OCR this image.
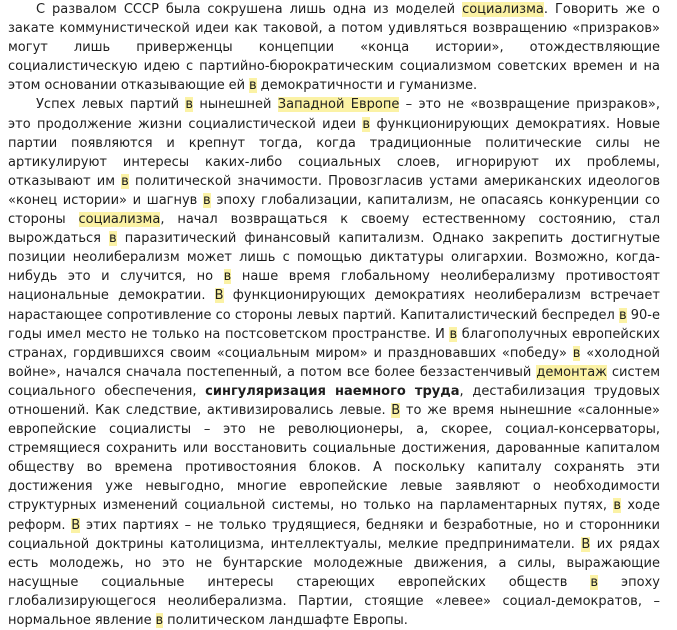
С развалом СССР была сокрушена лишь одна из моделей социализма. Говорить же о закате коммунистической идеи как таковой, а потом удивляться возвращению «призраков» могут лишь приверженцы концепции «конца истории», отождествляющие социалистическую идею с партийно-бюрократическим социализмом советских времен и на этом основании отказывающие ей в демократичности и гуманизме.

Успех левых партий в нынешней Западной Европе – это не «возвращение призраков», это продолжение жизни социалистической идеи в функционирующих демократиях. Новые партии появляются и крепнут тогда, когда традиционные политические силы не артикулируют интересы каких-либо социальных слоев, игнорируют их проблемы, отказывают им в политической значимости. Провозгласив устами американских идеологов «конец истории» и шагнув в эпоху глобализации, капитализм, не опасаясь конкуренции со стороны социализма, начал возвращаться к своему естественному состоянию, стал вырождаться в паразитический финансовый капитализм. Однако закрепить достигнутые позиции неолиберализм может лишь с помощью диктатуры олигархии. Возможно, когда-нибудь это и случится, но в наше время глобальному неолиберализму противостоят национальные демократии. В функционирующих демократиях неолиберализм встречает нарастающее сопротивление со стороны левых партий. Капиталистический беспредел в 90-е годы имел место не только на постсоветском пространстве. И в благополучных европейских странах, гордившихся своим «социальным миром» и праздновавших «победу» в «холодной войне», начался сначала постепенный, а потом все более беззастенчивый демонтаж систем социального обеспечения, сингуляризация наемного труда, дестабилизация трудовых отношений. Как следствие, активизировались левые. В то же время нынешние «салонные» европейские социалисты – это не революционеры, а, скорее, социал-консерваторы, стремящиеся сохранить или восстановить социальные достижения, дарованные капиталом обществу во времена противостояния блоков. А поскольку капиталу сохранять эти достижения уже невыгодно, многие европейские левые заявляют о необходимости структурных изменений социальной системы, но только на парламентарных путях, в ходе реформ. В этих партиях – не только трудящиеся, бедняки и безработные, но и сторонники социальной доктрины католицизма, интеллектуалы, мелкие предприниматели. В их рядах есть молодежь, но это не бунтарские молодежные движения, а силы, выражающие насущные социальные интересы стареющих европейских обществ в эпоху глобализирующегося неолиберализма. Партии, стоящие «левее» социал-демократов, – нормальное явление в политическом ландшафте Европы.
